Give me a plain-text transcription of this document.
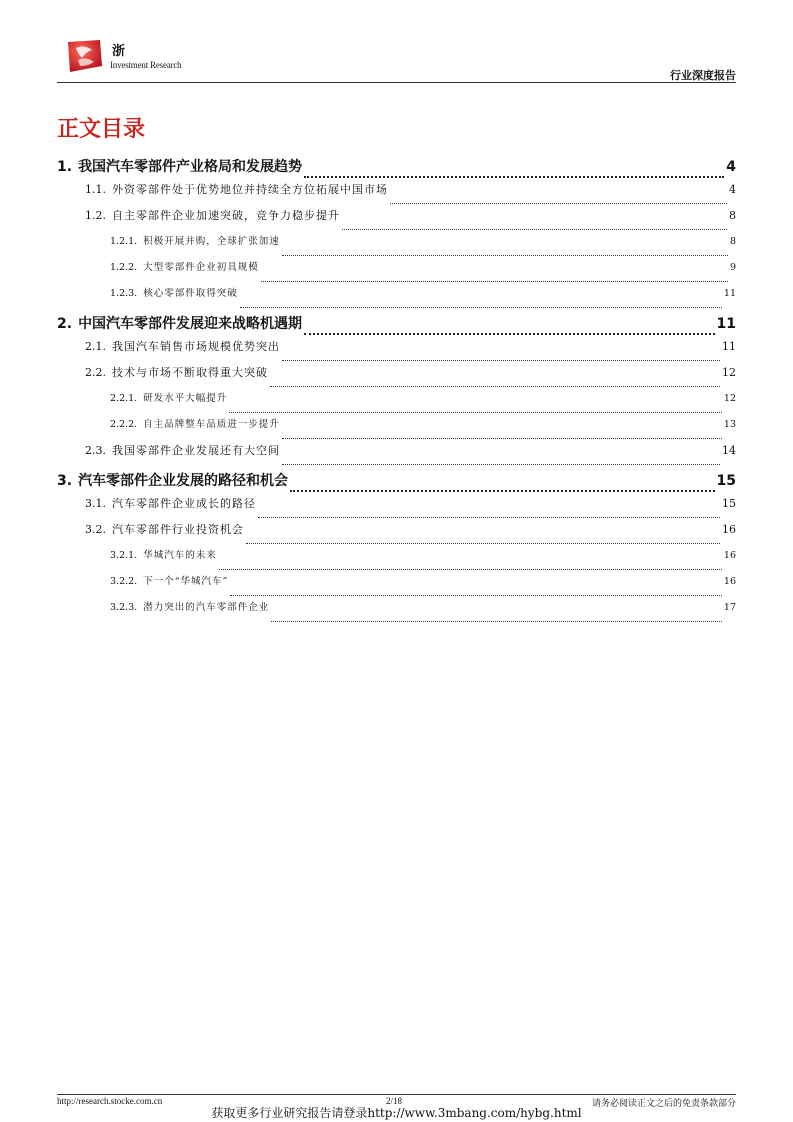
浙
Investment Research
行业深度报告
正文目录
1. 我国汽车零部件产业格局和发展趋势	4
1.1. 外资零部件处于优势地位并持续全方位拓展中国市场	4
1.2. 自主零部件企业加速突破，竞争力稳步提升	8
1.2.1. 积极开展并购，全球扩张加速	8
1.2.2. 大型零部件企业初具规模	9
1.2.3. 核心零部件取得突破	11
2. 中国汽车零部件发展迎来战略机遇期	11
2.1. 我国汽车销售市场规模优势突出	11
2.2. 技术与市场不断取得重大突破	12
2.2.1. 研发水平大幅提升	12
2.2.2. 自主品牌整车品质进一步提升	13
2.3. 我国零部件企业发展还有大空间	14
3. 汽车零部件企业发展的路径和机会	15
3.1. 汽车零部件企业成长的路径	15
3.2. 汽车零部件行业投资机会	16
3.2.1. 华城汽车的未来	16
3.2.2. 下一个“华城汽车”	16
3.2.3. 潜力突出的汽车零部件企业	17
http://research.stocke.com.cn	2/18	请务必阅读正文之后的免责条款部分
获取更多行业研究报告请登录http://www.3mbang.com/hybg.html
